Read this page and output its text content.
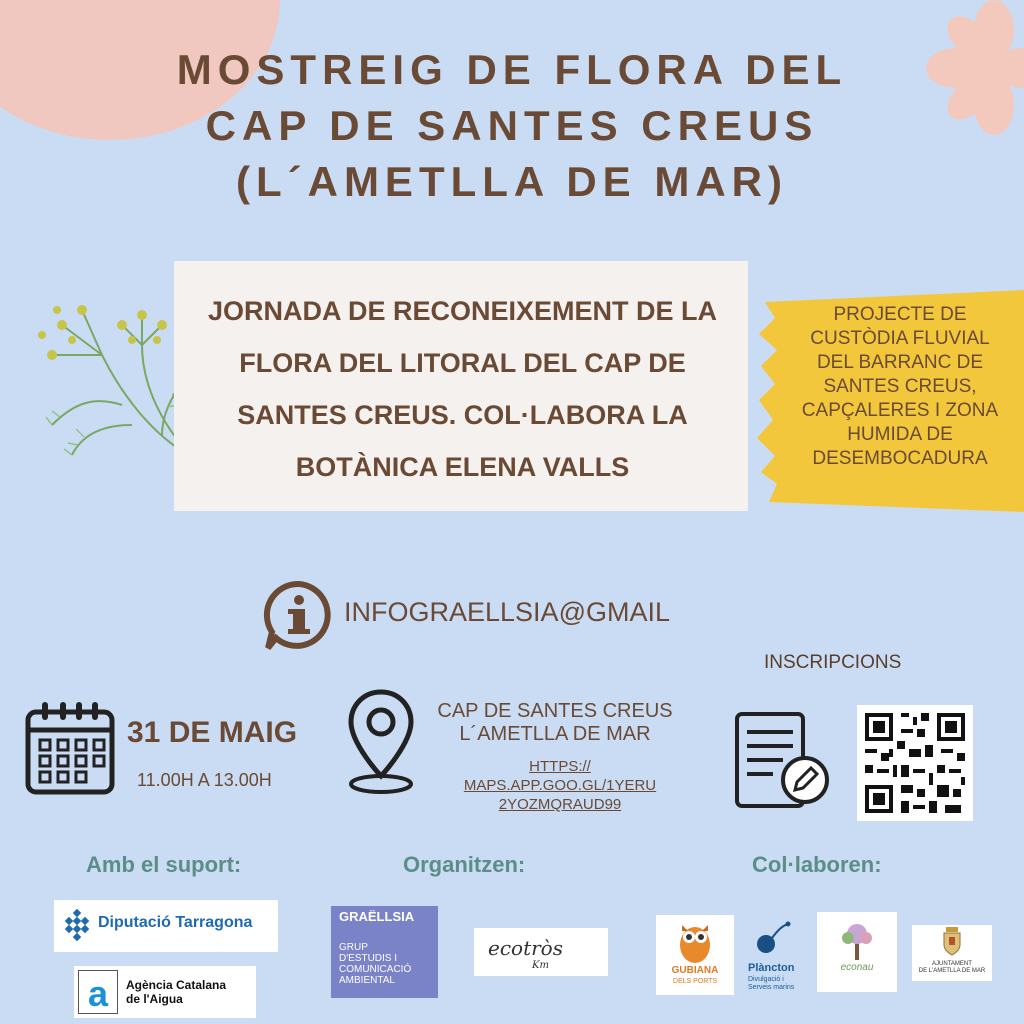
MOSTREIG DE FLORA DEL
CAP DE SANTES CREUS
(L´AMETLLA DE MAR)
JORNADA DE RECONEIXEMENT DE LA
FLORA DEL LITORAL DEL CAP DE
SANTES CREUS. COL·LABORA LA
BOTÀNICA ELENA VALLS
PROJECTE DE
CUSTÒDIA FLUVIAL
DEL BARRANC DE
SANTES CREUS,
CAPÇALERES I ZONA
HUMIDA DE
DESEMBOCADURA
INFOGRAELLSIA@GMAIL
INSCRIPCIONS
31 DE MAIG
11.00H A 13.00H
CAP DE SANTES CREUS
L´AMETLLA DE MAR
HTTPS://
MAPS.APP.GOO.GL/1YERU
2YOZMQRAUD99
Amb el suport:	Organitzen:	Col·laboren:
Diputació Tarragona
a Agència Catalana
de l'Aigua
GRAËLLSIA
GRUP
D'ESTUDIS I
COMUNICACIÓ
AMBIENTAL
ecotròs
Km	GUBIANA
DELS PORTS
Plàncton
Divulgació i
Serveis marins
econau	AJUNTAMENT
DE L'AMETLLA DE MAR
